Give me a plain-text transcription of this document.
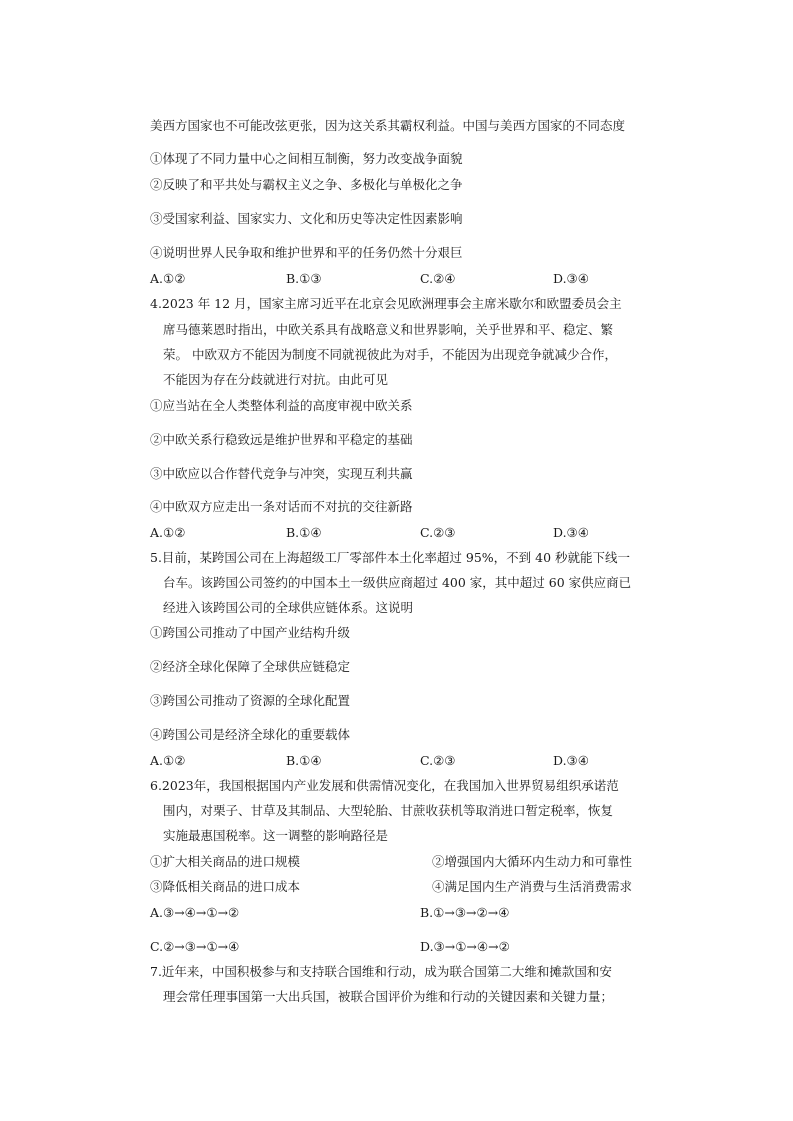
美西方国家也不可能改弦更张，因为这关系其霸权利益。中国与美西方国家的不同态度
①体现了不同力量中心之间相互制衡，努力改变战争面貌
②反映了和平共处与霸权主义之争、多极化与单极化之争
③受国家利益、国家实力、文化和历史等决定性因素影响
④说明世界人民争取和维护世界和平的任务仍然十分艰巨
A.①②	B.①③	C.②④	D.③④
4.2023 年 12 月，国家主席习近平在北京会见欧洲理事会主席米歇尔和欧盟委员会主
席马德莱恩时指出，中欧关系具有战略意义和世界影响，关乎世界和平、稳定、繁
荣。 中欧双方不能因为制度不同就视彼此为对手，不能因为出现竞争就减少合作，
不能因为存在分歧就进行对抗。由此可见
①应当站在全人类整体利益的高度审视中欧关系
②中欧关系行稳致远是维护世界和平稳定的基础
③中欧应以合作替代竞争与冲突，实现互利共赢
④中欧双方应走出一条对话而不对抗的交往新路
A.①②	B.①④	C.②③	D.③④
5.目前，某跨国公司在上海超级工厂零部件本土化率超过 95%，不到 40 秒就能下线一
台车。该跨国公司签约的中国本土一级供应商超过 400 家，其中超过 60 家供应商已
经进入该跨国公司的全球供应链体系。这说明
①跨国公司推动了中国产业结构升级
②经济全球化保障了全球供应链稳定
③跨国公司推动了资源的全球化配置
④跨国公司是经济全球化的重要载体
A.①②	B.①④	C.②③	D.③④
6.2023年，我国根据国内产业发展和供需情况变化，在我国加入世界贸易组织承诺范
围内，对栗子、甘草及其制品、大型轮胎、甘蔗收获机等取消进口暂定税率，恢复
实施最惠国税率。这一调整的影响路径是
①扩大相关商品的进口规模	②增强国内大循环内生动力和可靠性
③降低相关商品的进口成本	④满足国内生产消费与生活消费需求
A.③→④→①→②	B.①→③→②→④
C.②→③→①→④	D.③→①→④→②
7.近年来，中国积极参与和支持联合国维和行动，成为联合国第二大维和摊款国和安
理会常任理事国第一大出兵国，被联合国评价为维和行动的关键因素和关键力量；
